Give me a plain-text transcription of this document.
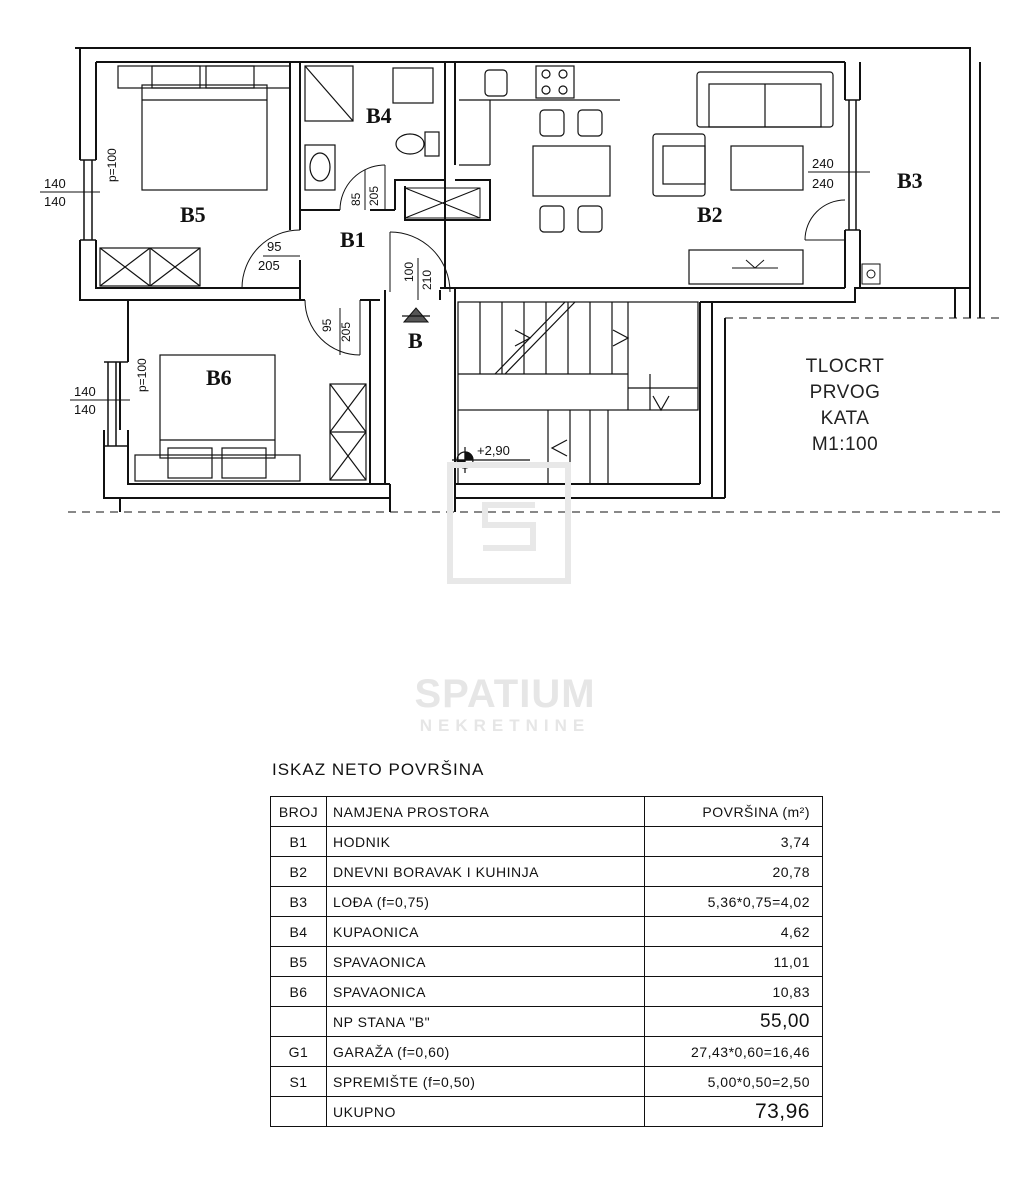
B5
B4
B1
B2
B3
B6
B
140
140
p=100
140
140
p=100
85 205
95
205
95 205
100 210
240
240
+2,90
TLOCRT
PRVOG
KATA
M1:100
SPATIUM
NEKRETNINE
ISKAZ NETO POVRŠINA
BROJ	NAMJENA PROSTORA	POVRŠINA (m²)
B1	HODNIK	3,74
B2	DNEVNI BORAVAK I KUHINJA	20,78
B3	LOĐA (f=0,75)	5,36*0,75=4,02
B4	KUPAONICA	4,62
B5	SPAVAONICA	11,01
B6	SPAVAONICA	10,83
	NP STANA "B"	55,00
G1	GARAŽA (f=0,60)	27,43*0,60=16,46
S1	SPREMIŠTE (f=0,50)	5,00*0,50=2,50
	UKUPNO	73,96
